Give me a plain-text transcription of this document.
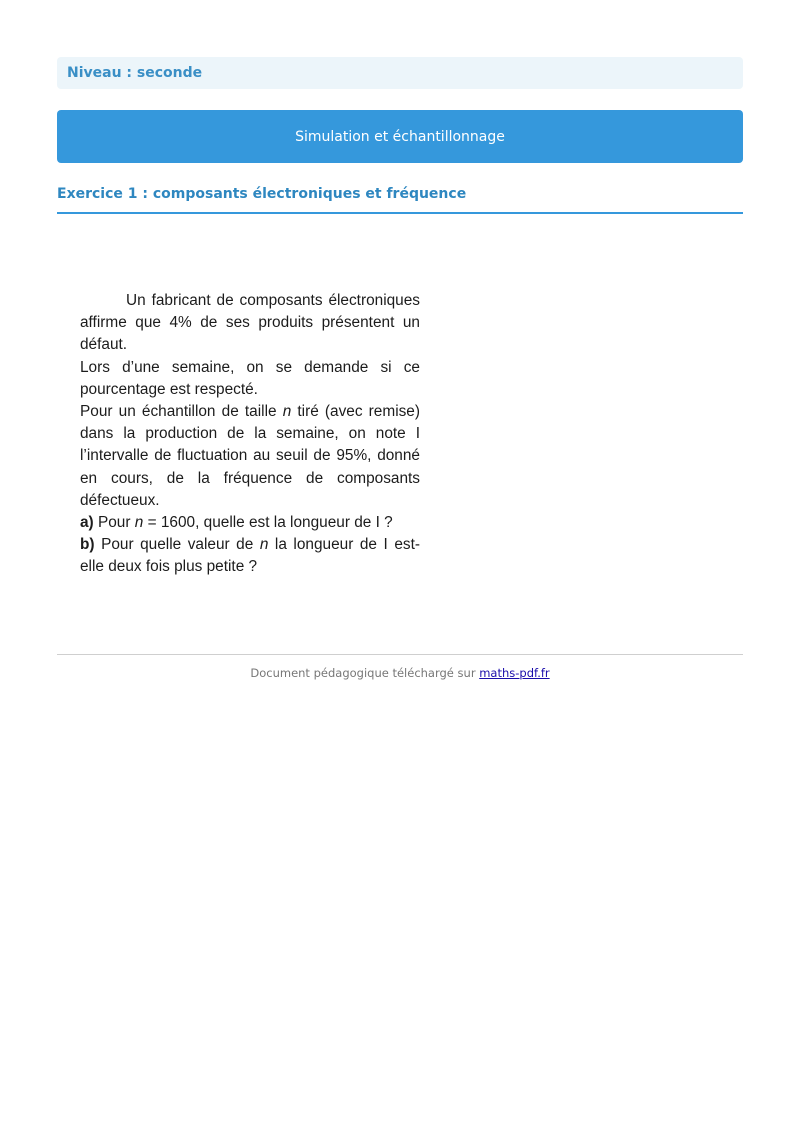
Niveau : seconde
Simulation et échantillonnage
Exercice 1 : composants électroniques et fréquence

Un fabricant de composants électroniques affirme que 4% de ses produits présentent un défaut.

Lors d’une semaine, on se demande si ce pourcentage est respecté.

Pour un échantillon de taille n tiré (avec remise) dans la production de la semaine, on note I l’intervalle de fluctuation au seuil de 95%, donné en cours, de la fréquence de composants défectueux.

a) Pour n = 1600, quelle est la longueur de I ?

b) Pour quelle valeur de n la longueur de I est-elle deux fois plus petite ?

Document pédagogique téléchargé sur maths-pdf.fr
